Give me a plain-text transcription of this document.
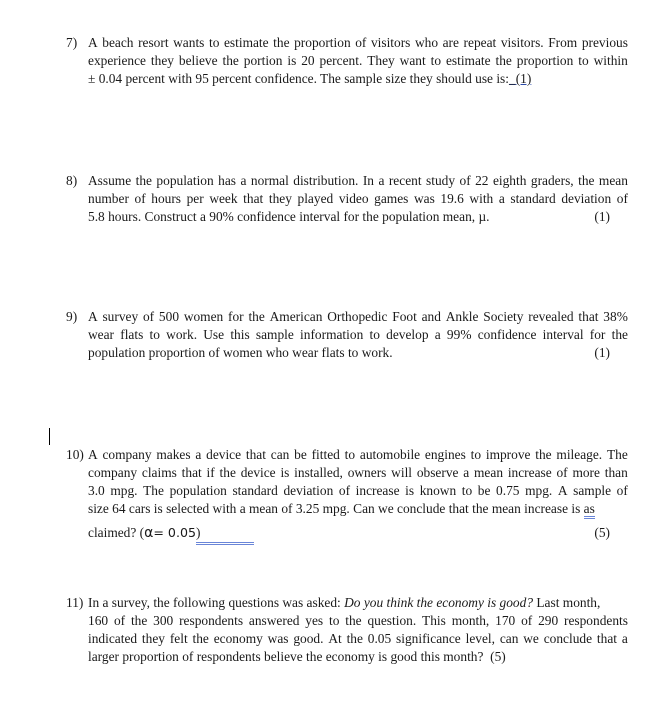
7) A beach resort wants to estimate the proportion of visitors who are repeat visitors. From previous
experience they believe the portion is 20 percent. They want to estimate the proportion to within
± 0.04 percent with 95 percent confidence. The sample size they should use is:_(1)
8) Assume the population has a normal distribution. In a recent study of 22 eighth graders, the mean
number of hours per week that they played video games was 19.6 with a standard deviation of
5.8 hours. Construct a 90% confidence interval for the population mean, µ.	(1)
9) A survey of 500 women for the American Orthopedic Foot and Ankle Society revealed that 38%
wear flats to work. Use this sample information to develop a 99% confidence interval for the
population proportion of women who wear flats to work.	(1)
10) A company makes a device that can be fitted to automobile engines to improve the mileage. The
company claims that if the device is installed, owners will observe a mean increase of more than
3.0 mpg. The population standard deviation of increase is known to be 0.75 mpg. A sample of
size 64 cars is selected with a mean of 3.25 mpg. Can we conclude that the mean increase is as
claimed? (α= 0.05)	(5)
11) In a survey, the following questions was asked: Do you think the economy is good? Last month,
160 of the 300 respondents answered yes to the question. This month, 170 of 290 respondents
indicated they felt the economy was good. At the 0.05 significance level, can we conclude that a
larger proportion of respondents believe the economy is good this month? (5)
